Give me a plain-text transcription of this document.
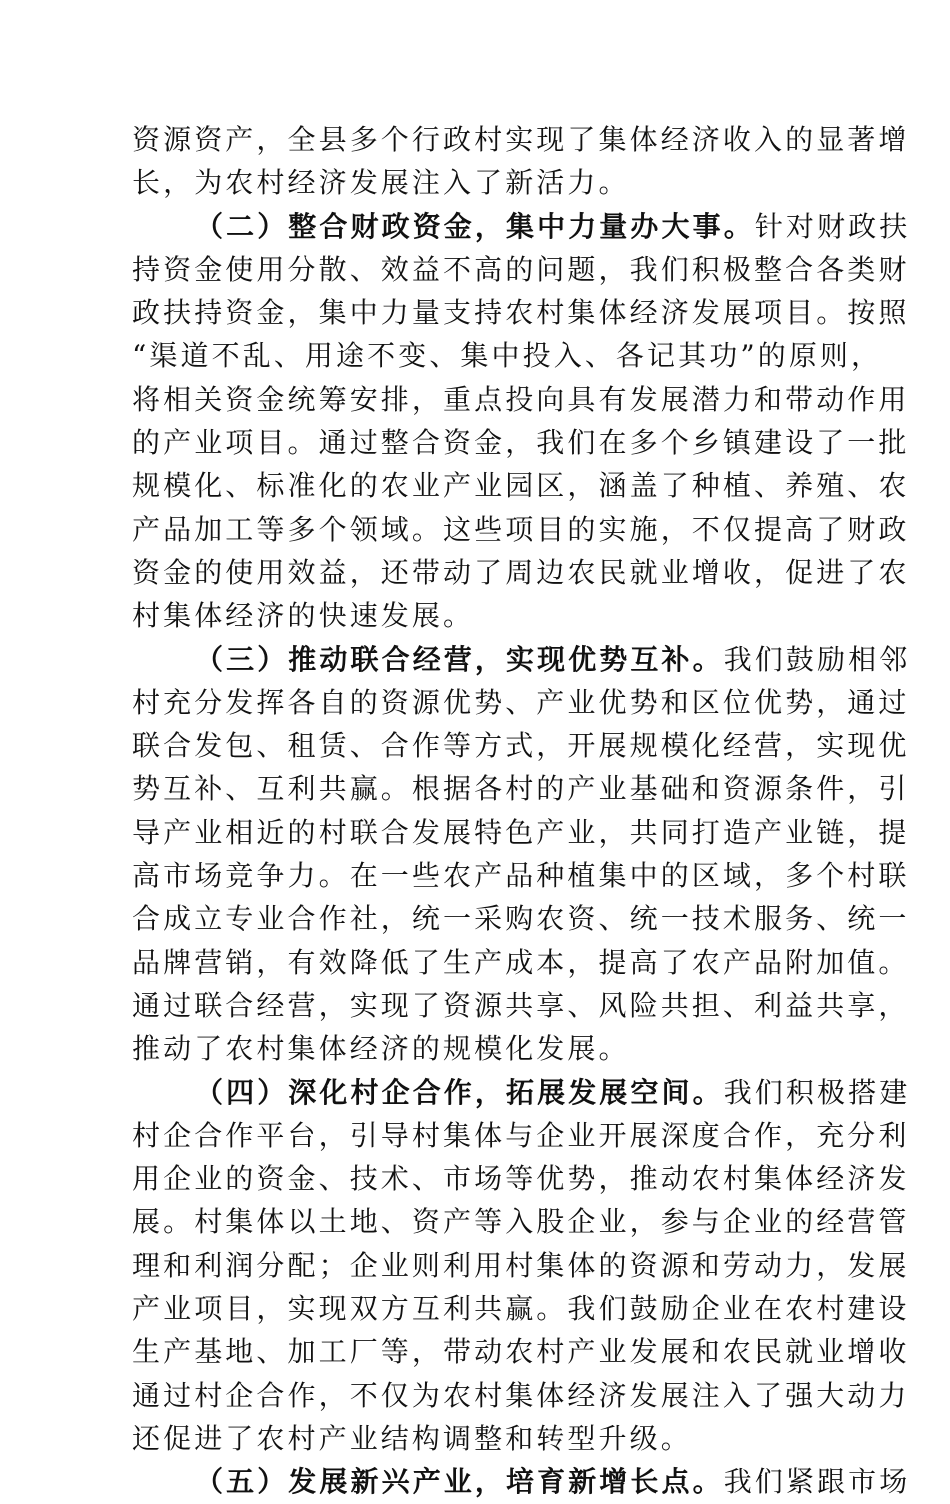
资源资产，全县多个行政村实现了集体经济收入的显著增
长，为农村经济发展注入了新活力。
（二）整合财政资金，集中力量办大事。针对财政扶
持资金使用分散、效益不高的问题，我们积极整合各类财
政扶持资金，集中力量支持农村集体经济发展项目。按照
“渠道不乱、用途不变、集中投入、各记其功”的原则，
将相关资金统筹安排，重点投向具有发展潜力和带动作用
的产业项目。通过整合资金，我们在多个乡镇建设了一批
规模化、标准化的农业产业园区，涵盖了种植、养殖、农
产品加工等多个领域。这些项目的实施，不仅提高了财政
资金的使用效益，还带动了周边农民就业增收，促进了农
村集体经济的快速发展。
（三）推动联合经营，实现优势互补。我们鼓励相邻
村充分发挥各自的资源优势、产业优势和区位优势，通过
联合发包、租赁、合作等方式，开展规模化经营，实现优
势互补、互利共赢。根据各村的产业基础和资源条件，引
导产业相近的村联合发展特色产业，共同打造产业链，提
高市场竞争力。在一些农产品种植集中的区域，多个村联
合成立专业合作社，统一采购农资、统一技术服务、统一
品牌营销，有效降低了生产成本，提高了农产品附加值。
通过联合经营，实现了资源共享、风险共担、利益共享，
推动了农村集体经济的规模化发展。
（四）深化村企合作，拓展发展空间。我们积极搭建
村企合作平台，引导村集体与企业开展深度合作，充分利
用企业的资金、技术、市场等优势，推动农村集体经济发
展。村集体以土地、资产等入股企业，参与企业的经营管
理和利润分配；企业则利用村集体的资源和劳动力，发展
产业项目，实现双方互利共赢。我们鼓励企业在农村建设
生产基地、加工厂等，带动农村产业发展和农民就业增收
通过村企合作，不仅为农村集体经济发展注入了强大动力
还促进了农村产业结构调整和转型升级。
（五）发展新兴产业，培育新增长点。我们紧跟市场
